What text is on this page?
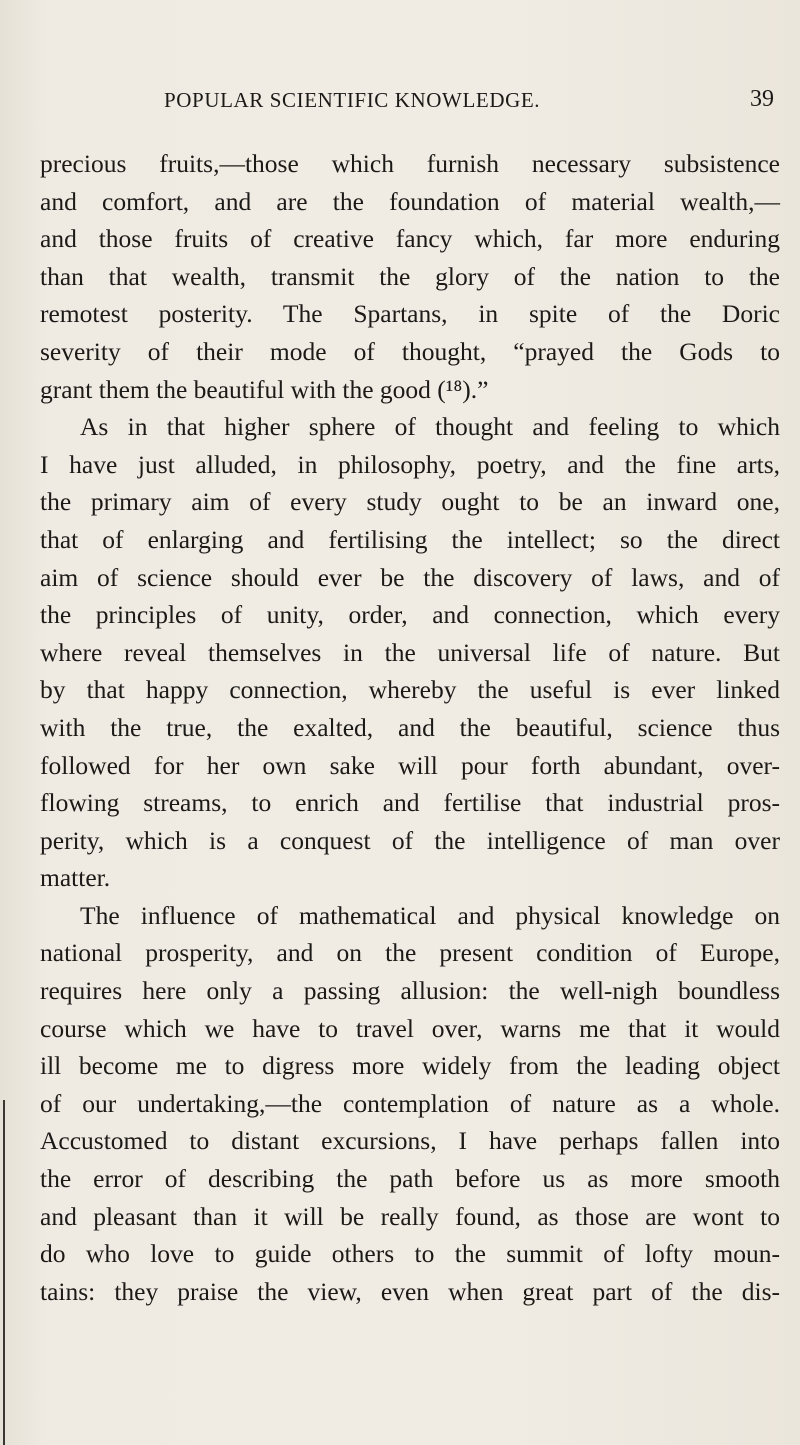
POPULAR SCIENTIFIC KNOWLEDGE.	39
precious fruits,—those which furnish necessary subsistence
and comfort, and are the foundation of material wealth,—
and those fruits of creative fancy which, far more enduring
than that wealth, transmit the glory of the nation to the
remotest posterity. The Spartans, in spite of the Doric
severity of their mode of thought, “prayed the Gods to
grant them the beautiful with the good (¹⁸).”
As in that higher sphere of thought and feeling to which
I have just alluded, in philosophy, poetry, and the fine arts,
the primary aim of every study ought to be an inward one,
that of enlarging and fertilising the intellect; so the direct
aim of science should ever be the discovery of laws, and of
the principles of unity, order, and connection, which every
where reveal themselves in the universal life of nature. But
by that happy connection, whereby the useful is ever linked
with the true, the exalted, and the beautiful, science thus
followed for her own sake will pour forth abundant, over-
flowing streams, to enrich and fertilise that industrial pros-
perity, which is a conquest of the intelligence of man over
matter.
The influence of mathematical and physical knowledge on
national prosperity, and on the present condition of Europe,
requires here only a passing allusion: the well-nigh boundless
course which we have to travel over, warns me that it would
ill become me to digress more widely from the leading object
of our undertaking,—the contemplation of nature as a whole.
Accustomed to distant excursions, I have perhaps fallen into
the error of describing the path before us as more smooth
and pleasant than it will be really found, as those are wont to
do who love to guide others to the summit of lofty moun-
tains: they praise the view, even when great part of the dis-
